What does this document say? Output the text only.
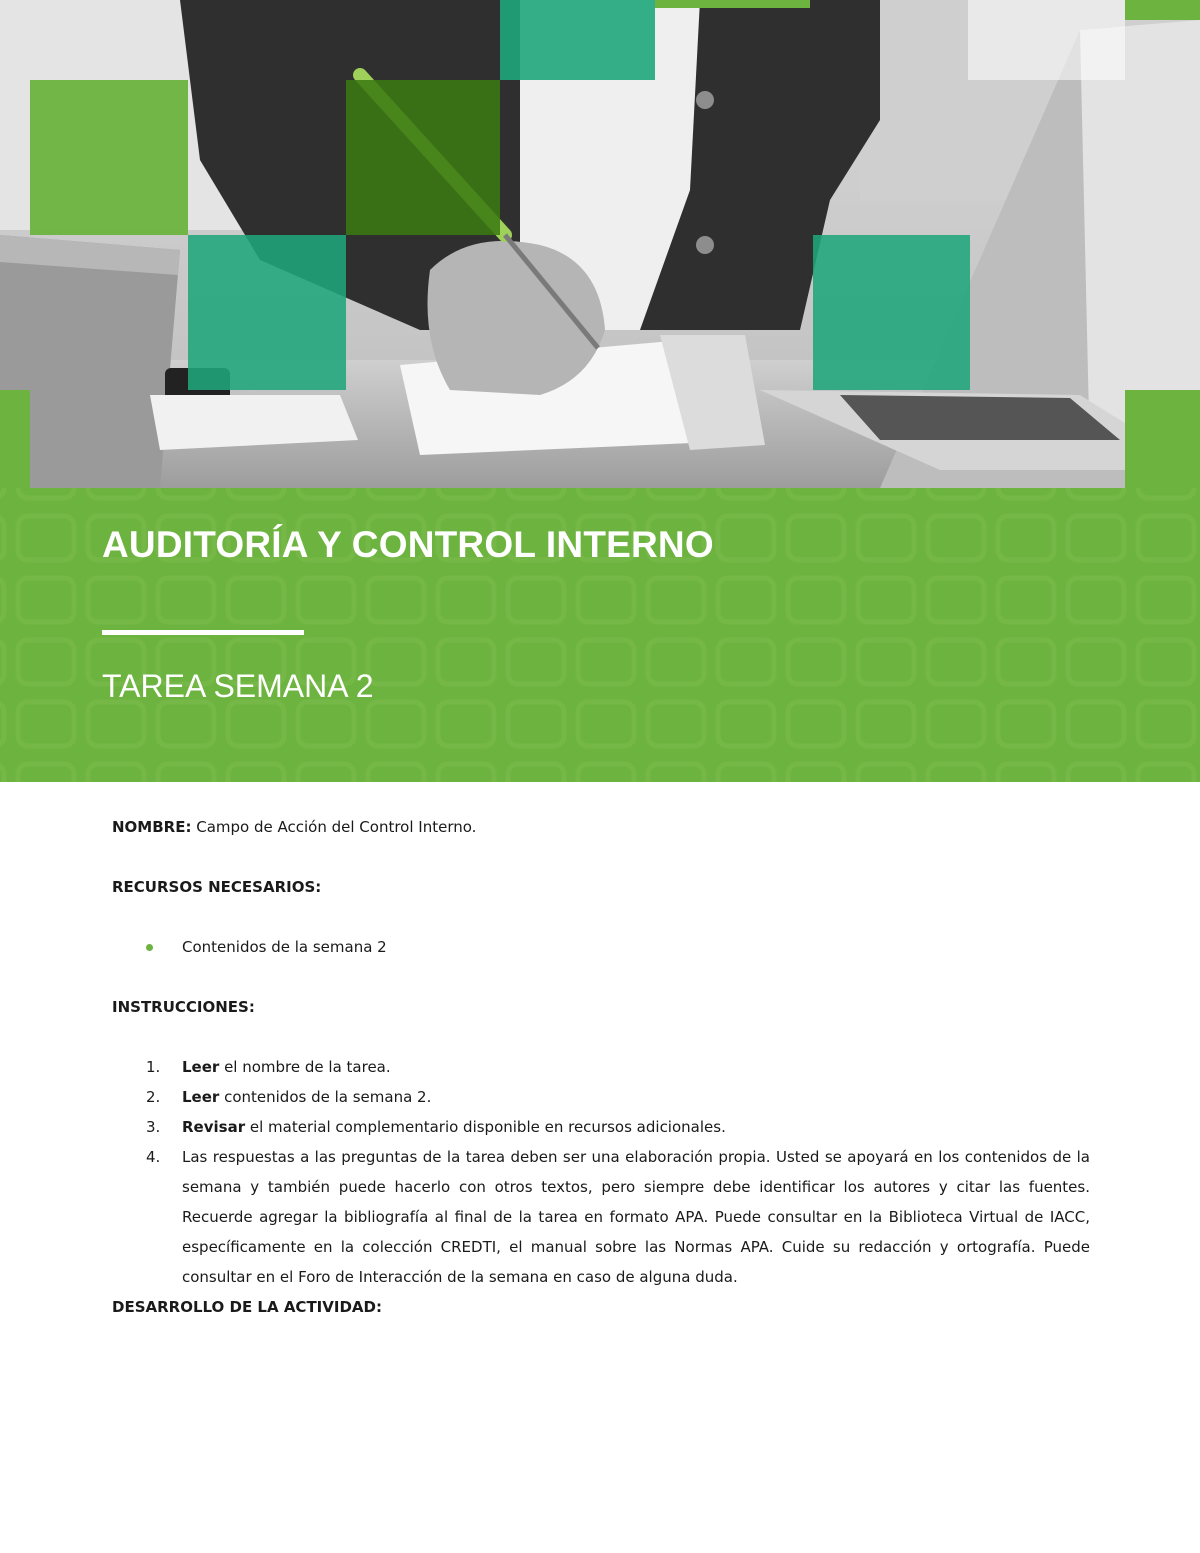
AUDITORÍA Y CONTROL INTERNO
TAREA SEMANA 2

NOMBRE: Campo de Acción del Control Interno.

RECURSOS NECESARIOS:

Contenidos de la semana 2

INSTRUCCIONES:

1. Leer el nombre de la tarea.
2. Leer contenidos de la semana 2.
3. Revisar el material complementario disponible en recursos adicionales.
4. Las respuestas a las preguntas de la tarea deben ser una elaboración propia. Usted se apoyará en los contenidos de la semana y también puede hacerlo con otros textos, pero siempre debe identificar los autores y citar las fuentes. Recuerde agregar la bibliografía al final de la tarea en formato APA. Puede consultar en la Biblioteca Virtual de IACC, específicamente en la colección CREDTI, el manual sobre las Normas APA. Cuide su redacción y ortografía. Puede consultar en el Foro de Interacción de la semana en caso de alguna duda.

DESARROLLO DE LA ACTIVIDAD:
